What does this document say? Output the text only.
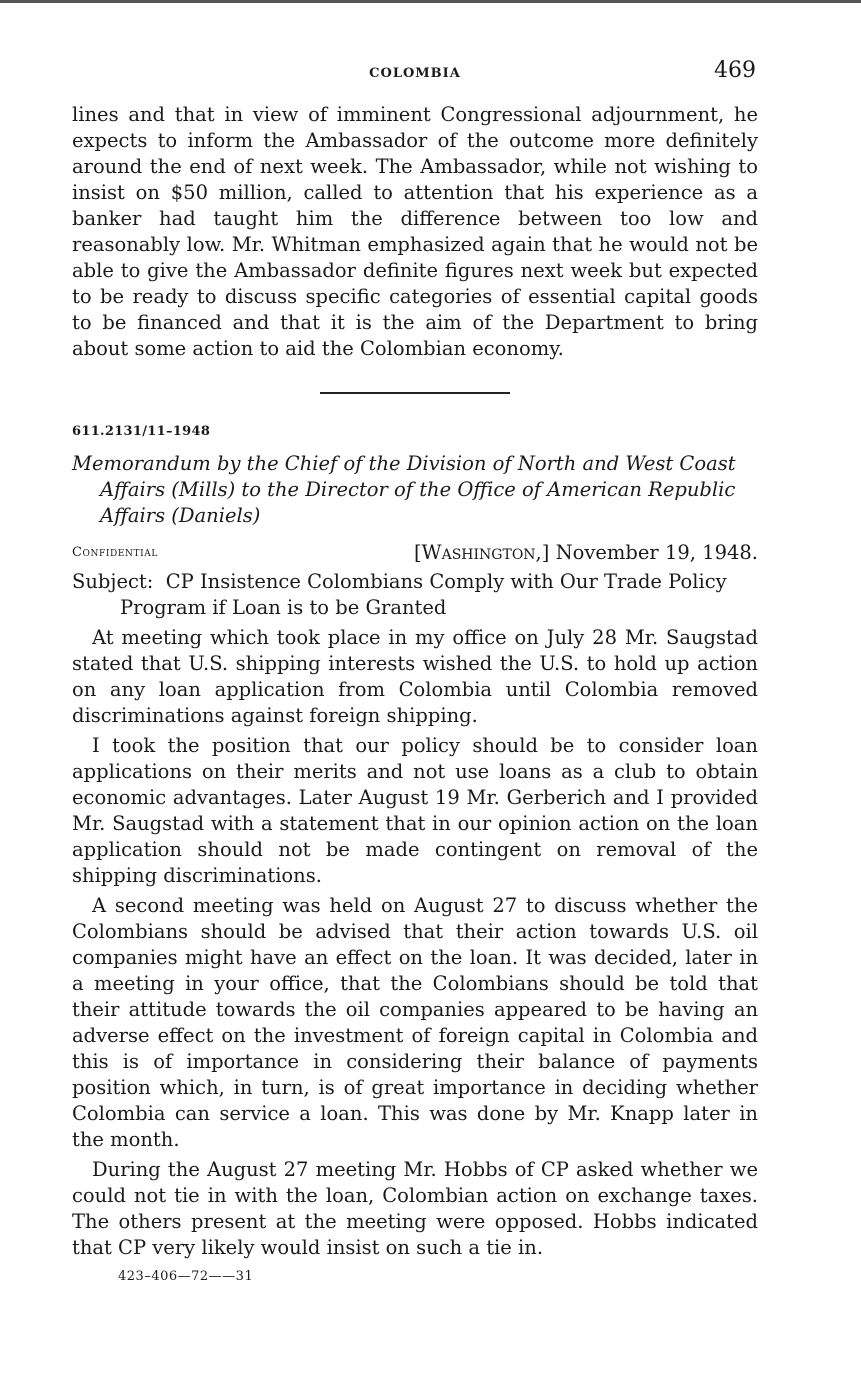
COLOMBIA	469

lines and that in view of imminent Congressional adjournment, he expects to inform the Ambassador of the outcome more definitely around the end of next week. The Ambassador, while not wishing to insist on $50 million, called to attention that his experience as a banker had taught him the difference between too low and reasonably low. Mr. Whitman emphasized again that he would not be able to give the Ambassador definite figures next week but expected to be ready to discuss specific categories of essential capital goods to be financed and that it is the aim of the Department to bring about some action to aid the Colombian economy.

611.2131/11–1948
Memorandum by the Chief of the Division of North and West Coast Affairs (Mills) to the Director of the Office of American Republic Affairs (Daniels)
Confidential	[Washington,] November 19, 1948.
Subject: CP Insistence Colombians Comply with Our Trade Policy Program if Loan is to be Granted

At meeting which took place in my office on July 28 Mr. Saugstad stated that U.S. shipping interests wished the U.S. to hold up action on any loan application from Colombia until Colombia removed discriminations against foreign shipping.

I took the position that our policy should be to consider loan applications on their merits and not use loans as a club to obtain economic advantages. Later August 19 Mr. Gerberich and I provided Mr. Saugstad with a statement that in our opinion action on the loan application should not be made contingent on removal of the shipping discriminations.

A second meeting was held on August 27 to discuss whether the Colombians should be advised that their action towards U.S. oil companies might have an effect on the loan. It was decided, later in a meeting in your office, that the Colombians should be told that their attitude towards the oil companies appeared to be having an adverse effect on the investment of foreign capital in Colombia and this is of importance in considering their balance of payments position which, in turn, is of great importance in deciding whether Colombia can service a loan. This was done by Mr. Knapp later in the month.

During the August 27 meeting Mr. Hobbs of CP asked whether we could not tie in with the loan, Colombian action on exchange taxes. The others present at the meeting were opposed. Hobbs indicated that CP very likely would insist on such a tie in.

423–406—72——31
